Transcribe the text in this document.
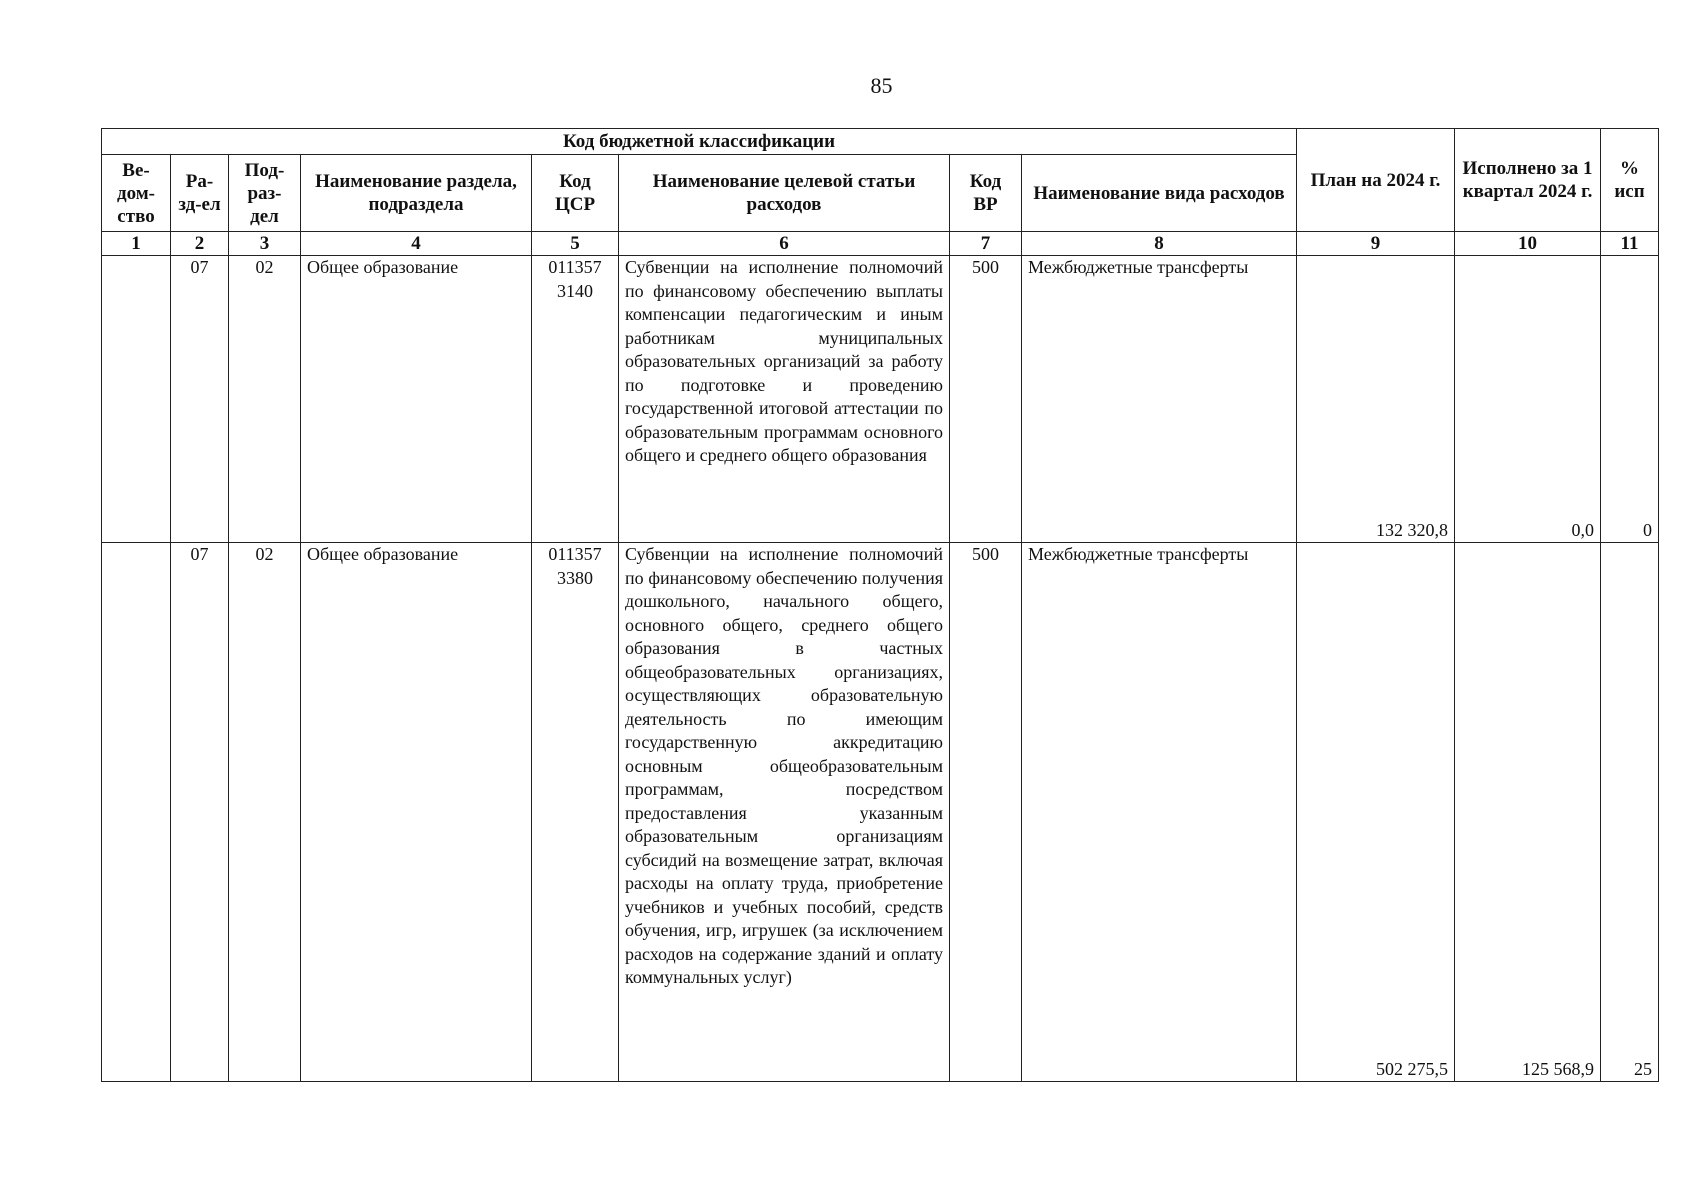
85
Код бюджетной классификации								План на 2024 г.	Исполнено за 1 квартал 2024 г.	% исп
Ве-дом-ство	Ра-зд-ел	Под-раз-дел	Наименование раздела, подраздела	Код ЦСР	Наименование целевой статьи расходов	Код ВР	Наименование вида расходов			
1	2	3	4	5	6	7	8	9	10	11
	07	02	Общее образование	011357 3140	Субвенции на исполнение полномочий по финансовому обеспечению выплаты компенсации педагогическим и иным работникам муниципальных образовательных организаций за работу по подготовке и проведению государственной итоговой аттестации по образовательным программам основного общего и среднего общего образования	500	Межбюджетные трансферты	132 320,8	0,0	0
	07	02	Общее образование	011357 3380	Субвенции на исполнение полномочий по финансовому обеспечению получения дошкольного, начального общего, основного общего, среднего общего образования в частных общеобразовательных организациях, осуществляющих образовательную деятельность по имеющим государственную аккредитацию основным общеобразовательным программам, посредством предоставления указанным образовательным организациям субсидий на возмещение затрат, включая расходы на оплату труда, приобретение учебников и учебных пособий, средств обучения, игр, игрушек (за исключением расходов на содержание зданий и оплату коммунальных услуг)	500	Межбюджетные трансферты	502 275,5	125 568,9	25
